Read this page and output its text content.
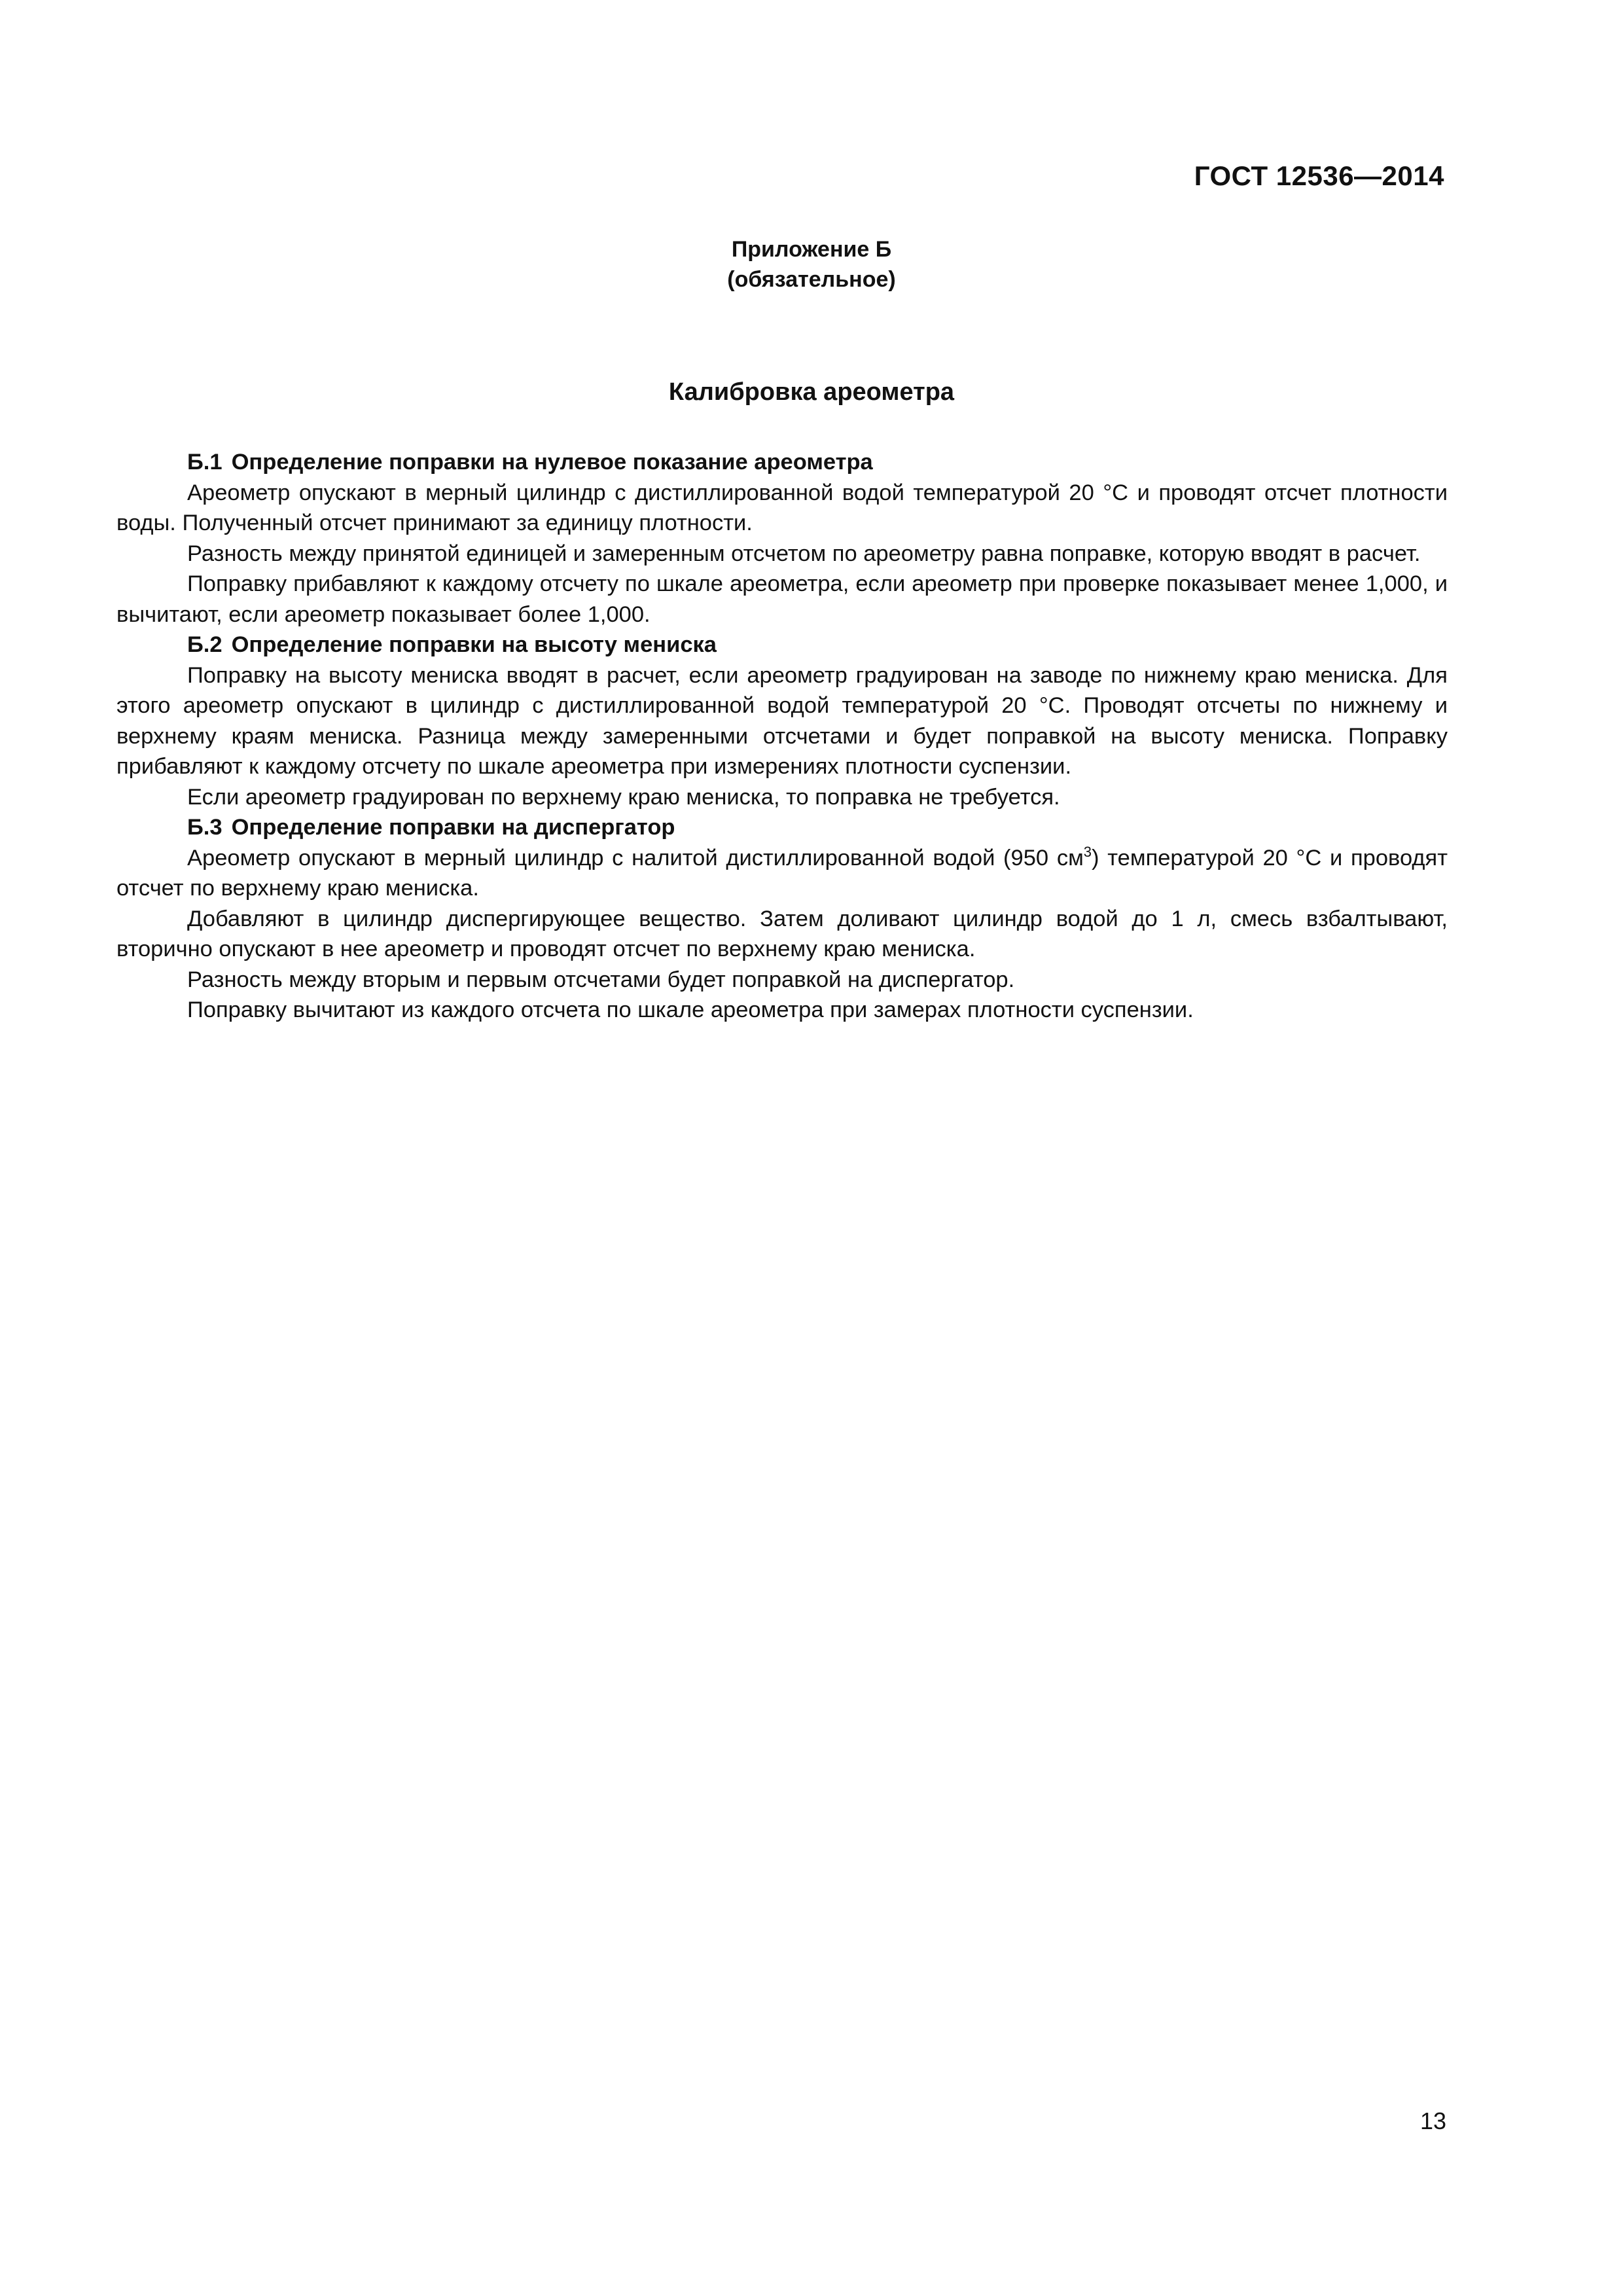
ГОСТ 12536—2014
Приложение Б
(обязательное)
Калибровка ареометра

Б.1 Определение поправки на нулевое показание ареометра

Ареометр опускают в мерный цилиндр с дистиллированной водой температурой 20 °С и проводят отсчет плотности воды. Полученный отсчет принимают за единицу плотности.

Разность между принятой единицей и замеренным отсчетом по ареометру равна поправке, которую вводят в расчет.

Поправку прибавляют к каждому отсчету по шкале ареометра, если ареометр при проверке показывает менее 1,000, и вычитают, если ареометр показывает более 1,000.

Б.2 Определение поправки на высоту мениска

Поправку на высоту мениска вводят в расчет, если ареометр градуирован на заводе по нижнему краю мениска. Для этого ареометр опускают в цилиндр с дистиллированной водой температурой 20 °С. Проводят отсчеты по нижнему и верхнему краям мениска. Разница между замеренными отсчетами и будет поправкой на высоту мениска. Поправку прибавляют к каждому отсчету по шкале ареометра при измерениях плотности суспензии.

Если ареометр градуирован по верхнему краю мениска, то поправка не требуется.

Б.3 Определение поправки на диспергатор

Ареометр опускают в мерный цилиндр с налитой дистиллированной водой (950 $см^3$) температурой 20 °С и проводят отсчет по верхнему краю мениска.

Добавляют в цилиндр диспергирующее вещество. Затем доливают цилиндр водой до 1 л, смесь взбалтывают, вторично опускают в нее ареометр и проводят отсчет по верхнему краю мениска.

Разность между вторым и первым отсчетами будет поправкой на диспергатор.

Поправку вычитают из каждого отсчета по шкале ареометра при замерах плотности суспензии.

13
